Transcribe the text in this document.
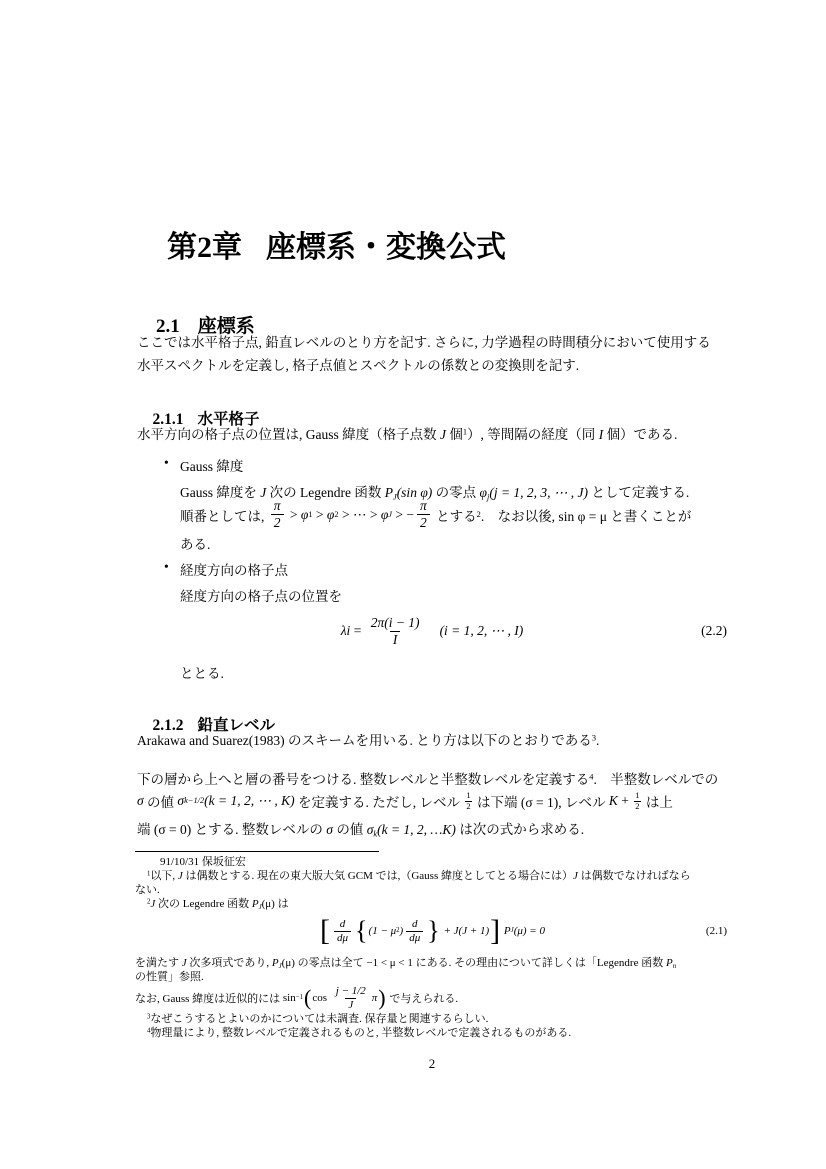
第2章 座標系・変換公式

2.1 座標系

ここでは水平格子点, 鉛直レベルのとり方を記す. さらに, 力学過程の時間積分において使用する
水平スペクトルを定義し, 格子点値とスペクトルの係数との変換則を記す.

2.1.1 水平格子

水平方向の格子点の位置は, Gauss 緯度（格子点数 J 個$^1$）, 等間隔の経度（同 I 個）である.
• Gauss 緯度
Gauss 緯度を J 次の Legendre 函数 PJ(sin φ) の零点 φj(j = 1, 2, 3, ⋯ , J) として定義する.
順番としては, $\frac{\pi}{2} > \varphi$ 1 > φ 2 > ⋯ > φ J > − $\frac{\pi}{2}$ とする 2 .　なお以後, sin φ = μ と書くことが
ある.
• 経度方向の格子点
経度方向の格子点の位置を
λ $i = \frac{2\pi(i - 1)}{I} (i = 1$, 2, ⋯ , I)	(2.2)
ととる.

2.1.2 鉛直レベル

Arakawa and Suarez(1983) のスキームを用いる. とり方は以下のとおりである$^3$.
下の層から上へと層の番号をつける. 整数レベルと半整数レベルを定義する$^4$.　半整数レベルでの
σ の値 σ k−1/2 (k = 1, 2, ⋯ , K) を定義する. ただし, レベル $\frac{1}{2}$ は下端 (σ = 1), レベル $K + \frac{1}{2}$ は上
端 (σ = 0) とする. 整数レベルの σ の値 σk(k = 1, 2, …K) は次の式から求める.
91/10/31 保坂征宏
$^1$以下, J は偶数とする. 現在の東大版大気 GCM では,（Gauss 緯度としてとる場合には）J は偶数でなければなら
ない.
$^2$J 次の Legendre 函数 PJ(μ) は
[ $\frac{d}{d\mu}$ { (1 − μ 2 ) $\frac{d}{d\mu}$ } + J(J + 1) ] P J (μ) = 0	(2.1)
を満たす J 次多項式であり, PJ(μ) の零点は全て −1 < μ < 1 にある. その理由について詳しくは「Legendre 函数 Pn
の性質」参照.
なお, Gauss 緯度は近似的には sin −1 ( $\cos \frac{j - 1/2}{J}$ π ) で与えられる.
$^3$なぜこうするとよいのかについては未調査. 保存量と関連するらしい.
$^4$物理量により, 整数レベルで定義されるものと, 半整数レベルで定義されるものがある.
2
